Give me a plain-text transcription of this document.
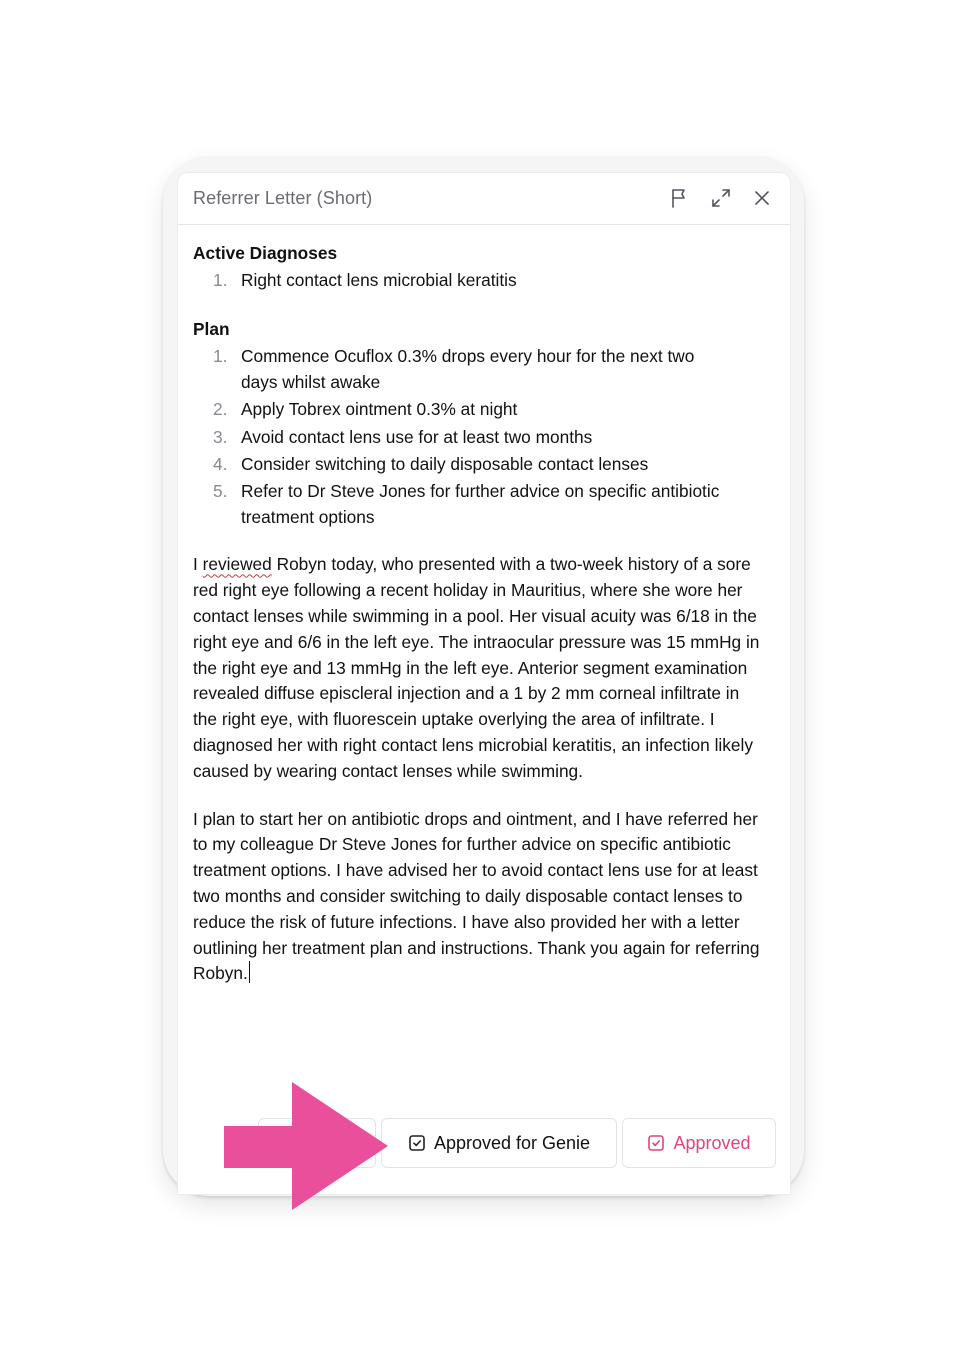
Referrer Letter (Short)
Active Diagnoses
1. Right contact lens microbial keratitis
Plan
1. Commence Ocuflox 0.3% drops every hour for the next two days whilst awake
2. Apply Tobrex ointment 0.3% at night
3. Avoid contact lens use for at least two months
4. Consider switching to daily disposable contact lenses
5. Refer to Dr Steve Jones for further advice on specific antibiotic treatment options

I reviewed Robyn today, who presented with a two-week history of a sore red right eye following a recent holiday in Mauritius, where she wore her contact lenses while swimming in a pool. Her visual acuity was 6/18 in the right eye and 6/6 in the left eye. The intraocular pressure was 15 mmHg in the right eye and 13 mmHg in the left eye. Anterior segment examination revealed diffuse episcleral injection and a 1 by 2 mm corneal infiltrate in the right eye, with fluorescein uptake overlying the area of infiltrate. I diagnosed her with right contact lens microbial keratitis, an infection likely caused by wearing contact lenses while swimming.

I plan to start her on antibiotic drops and ointment, and I have referred her to my colleague Dr Steve Jones for further advice on specific antibiotic treatment options. I have advised her to avoid contact lens use for at least two months and consider switching to daily disposable contact lenses to reduce the risk of future infections. I have also provided her with a letter outlining her treatment plan and instructions. Thank you again for referring Robyn.

Approved for Genie	Approved
